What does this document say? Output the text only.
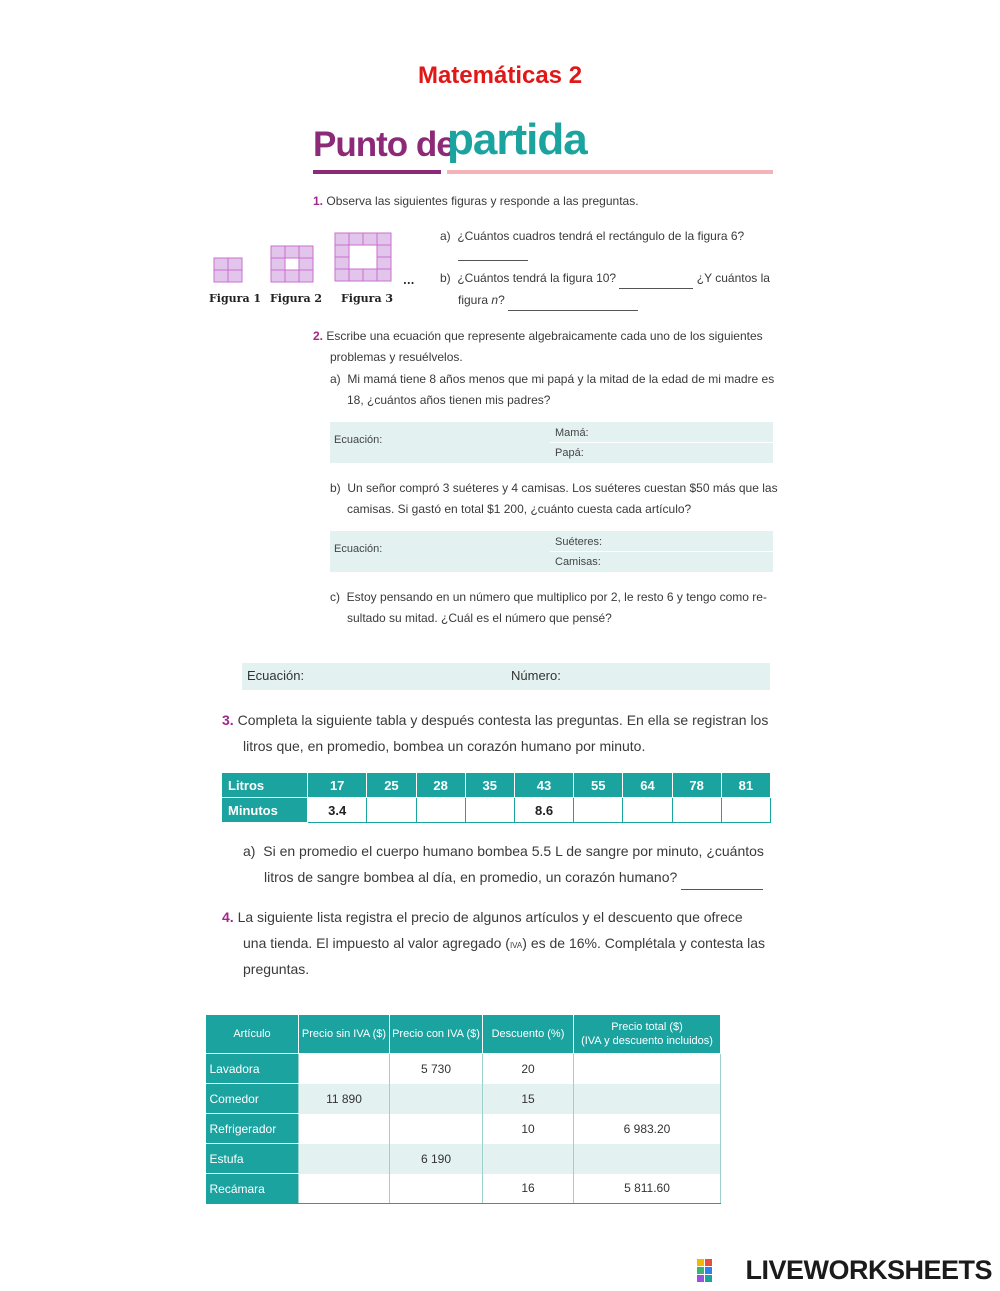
Matemáticas 2
Punto de
partida
1. Observa las siguientes figuras y responde a las preguntas.
...
Figura 1 Figura 2 Figura 3
a) ¿Cuántos cuadros tendrá el rectángulo de la figura 6?
b) ¿Cuántos tendrá la figura 10?	¿Y cuántos la
figura n?
2. Escribe una ecuación que represente algebraicamente cada uno de los siguientes
problemas y resuélvelos.
a) Mi mamá tiene 8 años menos que mi papá y la mitad de la edad de mi madre es
18, ¿cuántos años tienen mis padres?
Ecuación:
Mamá:
Papá:
b) Un señor compró 3 suéteres y 4 camisas. Los suéteres cuestan $50 más que las
camisas. Si gastó en total $1 200, ¿cuánto cuesta cada artículo?
Ecuación:
Suéteres:
Camisas:
c) Estoy pensando en un número que multiplico por 2, le resto 6 y tengo como re-
sultado su mitad. ¿Cuál es el número que pensé?
Ecuación:	Número:
3. Completa la siguiente tabla y después contesta las preguntas. En ella se registran los
litros que, en promedio, bombea un corazón humano por minuto.
Litros	17	25	28	35	43	55	64	78	81
Minutos	3.4				8.6				
a) Si en promedio el cuerpo humano bombea 5.5 L de sangre por minuto, ¿cuántos
litros de sangre bombea al día, en promedio, un corazón humano?
4. La siguiente lista registra el precio de algunos artículos y el descuento que ofrece
una tienda. El impuesto al valor agregado (IVA) es de 16%. Complétala y contesta las
preguntas.
Artículo	Precio sin IVA ($)	Precio con IVA ($)	Descuento (%)	Precio total ($)
(IVA y descuento incluidos)
Lavadora		5 730	20	
Comedor	11 890		15	
Refrigerador			10	6 983.20
Estufa		6 190		
Recámara			16	5 811.60
LIVEWORKSHEETS
